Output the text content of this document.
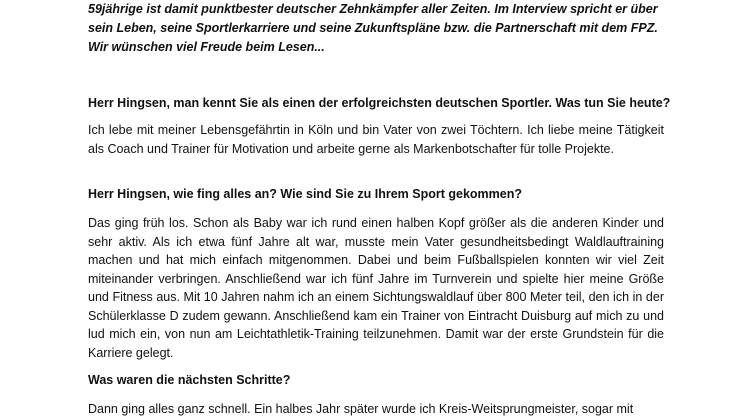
59jährige ist damit punktbester deutscher Zehnkämpfer aller Zeiten. Im Interview spricht er über sein Leben, seine Sportlerkarriere und seine Zukunftspläne bzw. die Partnerschaft mit dem FPZ. Wir wünschen viel Freude beim Lesen...

Herr Hingsen, man kennt Sie als einen der erfolgreichsten deutschen Sportler. Was tun Sie heute?

Ich lebe mit meiner Lebensgefährtin in Köln und bin Vater von zwei Töchtern. Ich liebe meine Tätigkeit als Coach und Trainer für Motivation und arbeite gerne als Markenbotschafter für tolle Projekte.

Herr Hingsen, wie fing alles an? Wie sind Sie zu Ihrem Sport gekommen?

Das ging früh los. Schon als Baby war ich rund einen halben Kopf größer als die anderen Kinder und sehr aktiv. Als ich etwa fünf Jahre alt war, musste mein Vater gesundheitsbedingt Waldlauftraining machen und hat mich einfach mitgenommen. Dabei und beim Fußballspielen konnten wir viel Zeit miteinander verbringen. Anschließend war ich fünf Jahre im Turnverein und spielte hier meine Größe und Fitness aus. Mit 10 Jahren nahm ich an einem Sichtungswaldlauf über 800 Meter teil, den ich in der Schülerklasse D zudem gewann. Anschließend kam ein Trainer von Eintracht Duisburg auf mich zu und lud mich ein, von nun am Leichtathletik-Training teilzunehmen. Damit war der erste Grundstein für die Karriere gelegt.

Was waren die nächsten Schritte?

Dann ging alles ganz schnell. Ein halbes Jahr später wurde ich Kreis-Weitsprungmeister, sogar mit
